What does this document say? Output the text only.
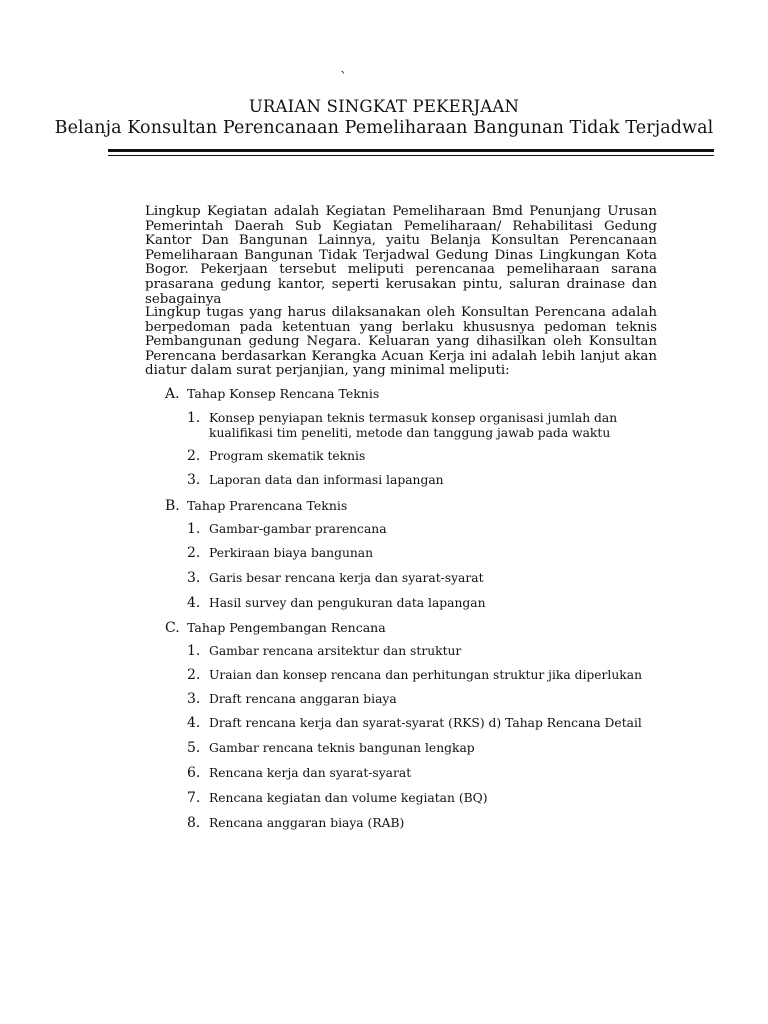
`
URAIAN SINGKAT PEKERJAAN
Belanja Konsultan Perencanaan Pemeliharaan Bangunan Tidak Terjadwal
Lingkup Kegiatan adalah Kegiatan Pemeliharaan Bmd Penunjang Urusan Pemerintah Daerah Sub Kegiatan Pemeliharaan/ Rehabilitasi Gedung Kantor Dan Bangunan Lainnya, yaitu Belanja Konsultan Perencanaan Pemeliharaan Bangunan Tidak Terjadwal Gedung Dinas Lingkungan Kota Bogor. Pekerjaan tersebut meliputi perencanaa pemeliharaan sarana prasarana gedung kantor, seperti kerusakan pintu, saluran drainase dan sebagainya
Lingkup tugas yang harus dilaksanakan oleh Konsultan Perencana adalah berpedoman pada ketentuan yang berlaku khususnya pedoman teknis Pembangunan gedung Negara. Keluaran yang dihasilkan oleh Konsultan Perencana berdasarkan Kerangka Acuan Kerja ini adalah lebih lanjut akan diatur dalam surat perjanjian, yang minimal meliputi:
A. Tahap Konsep Rencana Teknis
1. Konsep penyiapan teknis termasuk konsep organisasi jumlah dan kualifikasi tim peneliti, metode dan tanggung jawab pada waktu
2. Program skematik teknis
3. Laporan data dan informasi lapangan
B. Tahap Prarencana Teknis
1. Gambar-gambar prarencana
2. Perkiraan biaya bangunan
3. Garis besar rencana kerja dan syarat-syarat
4. Hasil survey dan pengukuran data lapangan
C. Tahap Pengembangan Rencana
1. Gambar rencana arsitektur dan struktur
2. Uraian dan konsep rencana dan perhitungan struktur jika diperlukan
3. Draft rencana anggaran biaya
4. Draft rencana kerja dan syarat-syarat (RKS) d) Tahap Rencana Detail
5. Gambar rencana teknis bangunan lengkap
6. Rencana kerja dan syarat-syarat
7. Rencana kegiatan dan volume kegiatan (BQ)
8. Rencana anggaran biaya (RAB)
